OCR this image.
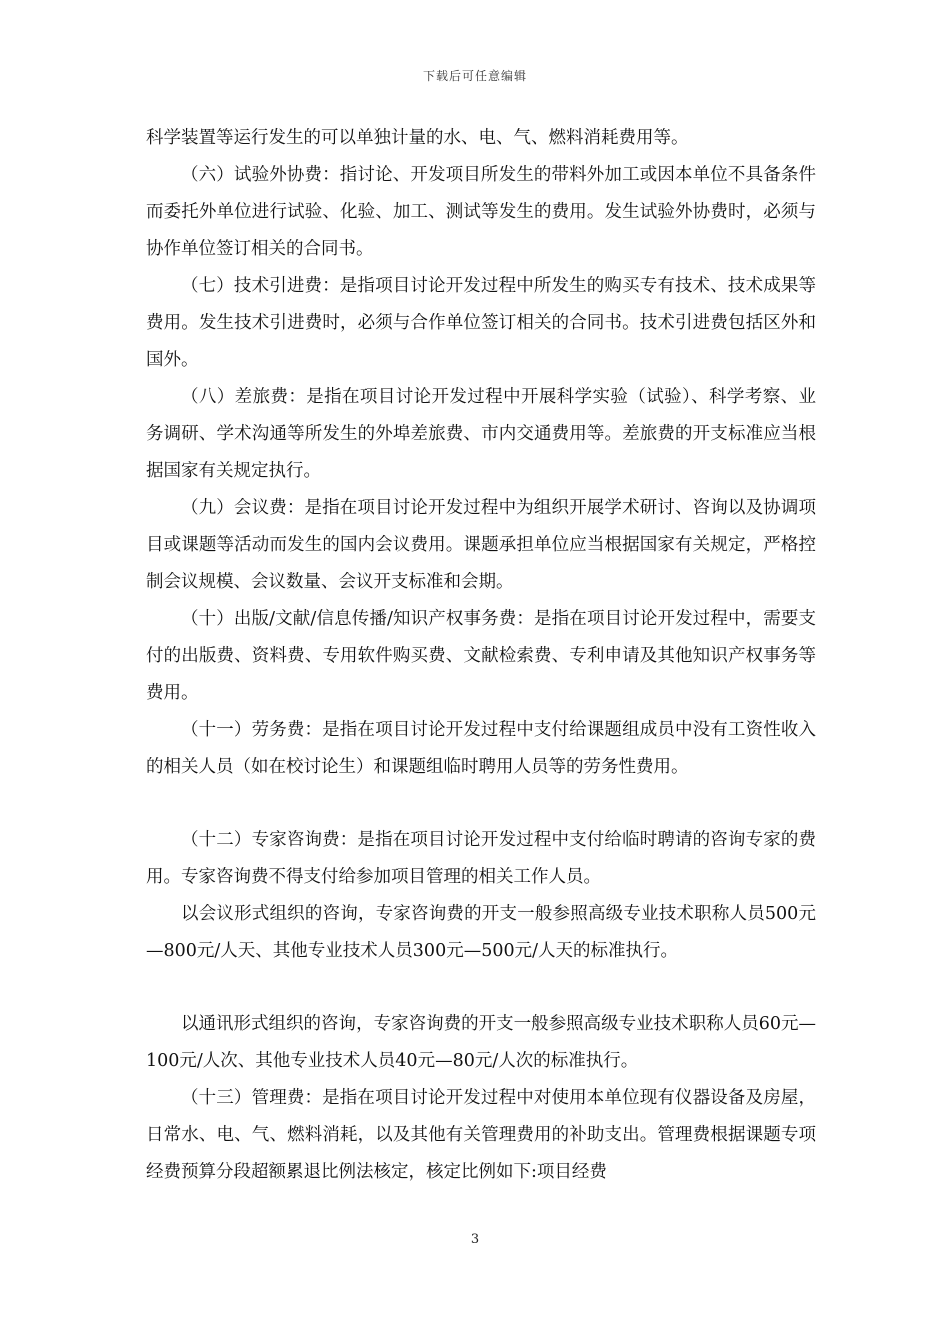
下载后可任意编辑

科学装置等运行发生的可以单独计量的水、电、气、燃料消耗费用等。

（六）试验外协费：指讨论、开发项目所发生的带料外加工或因本单位不具备条件而委托外单位进行试验、化验、加工、测试等发生的费用。发生试验外协费时，必须与协作单位签订相关的合同书。

（七）技术引进费：是指项目讨论开发过程中所发生的购买专有技术、技术成果等费用。发生技术引进费时，必须与合作单位签订相关的合同书。技术引进费包括区外和国外。

（八）差旅费：是指在项目讨论开发过程中开展科学实验（试验）、科学考察、业务调研、学术沟通等所发生的外埠差旅费、市内交通费用等。差旅费的开支标准应当根据国家有关规定执行。

（九）会议费：是指在项目讨论开发过程中为组织开展学术研讨、咨询以及协调项目或课题等活动而发生的国内会议费用。课题承担单位应当根据国家有关规定，严格控制会议规模、会议数量、会议开支标准和会期。

（十）出版/文献/信息传播/知识产权事务费：是指在项目讨论开发过程中，需要支付的出版费、资料费、专用软件购买费、文献检索费、专利申请及其他知识产权事务等费用。

（十一）劳务费：是指在项目讨论开发过程中支付给课题组成员中没有工资性收入的相关人员（如在校讨论生）和课题组临时聘用人员等的劳务性费用。

（十二）专家咨询费：是指在项目讨论开发过程中支付给临时聘请的咨询专家的费用。专家咨询费不得支付给参加项目管理的相关工作人员。

以会议形式组织的咨询，专家咨询费的开支一般参照高级专业技术职称人员500元—800元/人天、其他专业技术人员300元—500元/人天的标准执行。

以通讯形式组织的咨询，专家咨询费的开支一般参照高级专业技术职称人员60元—100元/人次、其他专业技术人员40元—80元/人次的标准执行。

（十三）管理费：是指在项目讨论开发过程中对使用本单位现有仪器设备及房屋，日常水、电、气、燃料消耗，以及其他有关管理费用的补助支出。管理费根据课题专项经费预算分段超额累退比例法核定，核定比例如下:项目经费

3
